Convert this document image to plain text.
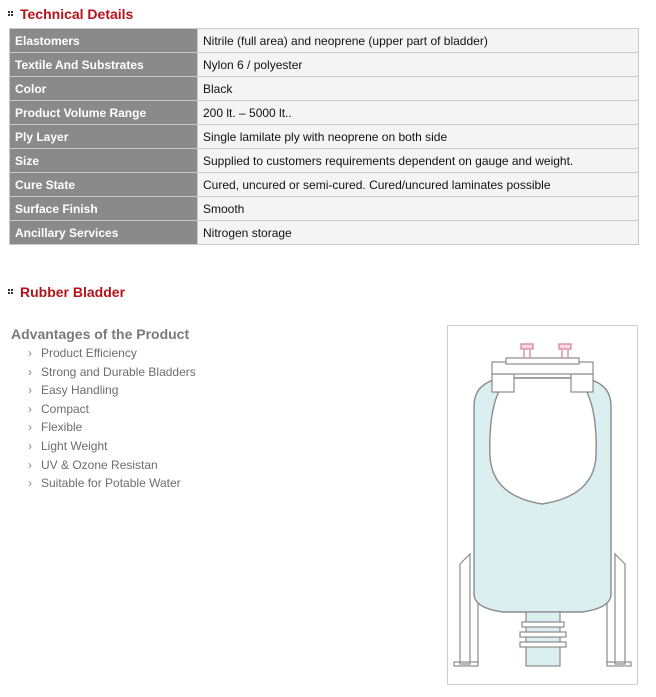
Technical Details
Elastomers	Nitrile (full area) and neoprene (upper part of bladder)
Textile And Substrates	Nylon 6 / polyester
Color	Black
Product Volume Range	200 lt. – 5000 lt..
Ply Layer	Single lamilate ply with neoprene on both side
Size	Supplied to customers requirements dependent on gauge and weight.
Cure State	Cured, uncured or semi-cured. Cured/uncured laminates possible
Surface Finish	Smooth
Ancillary Services	Nitrogen storage
Rubber Bladder
Advantages of the Product
› Product Efficiency
› Strong and Durable Bladders
› Easy Handling
› Compact
› Flexible
› Light Weight
› UV & Ozone Resistan
› Suitable for Potable Water
